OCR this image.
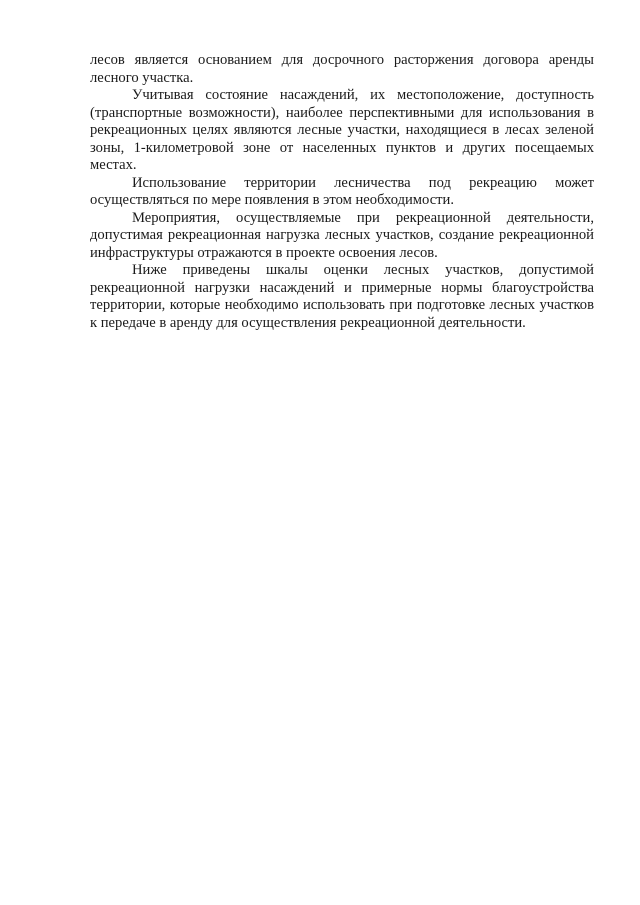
лесов является основанием для досрочного расторжения договора аренды лесного участка.

Учитывая состояние насаждений, их местоположение, доступность (транспортные возможности), наиболее перспективными для использования в рекреационных целях являются лесные участки, находящиеся в лесах зеленой зоны, 1-километровой зоне от населенных пунктов и других посещаемых местах.

Использование территории лесничества под рекреацию может осуществляться по мере появления в этом необходимости.

Мероприятия, осуществляемые при рекреационной деятельности, допустимая рекреационная нагрузка лесных участков, создание рекреационной инфраструктуры отражаются в проекте освоения лесов.

Ниже приведены шкалы оценки лесных участков, допустимой рекреационной нагрузки насаждений и примерные нормы благоустройства территории, которые необходимо использовать при подготовке лесных участков к передаче в аренду для осуществления рекреационной деятельности.
